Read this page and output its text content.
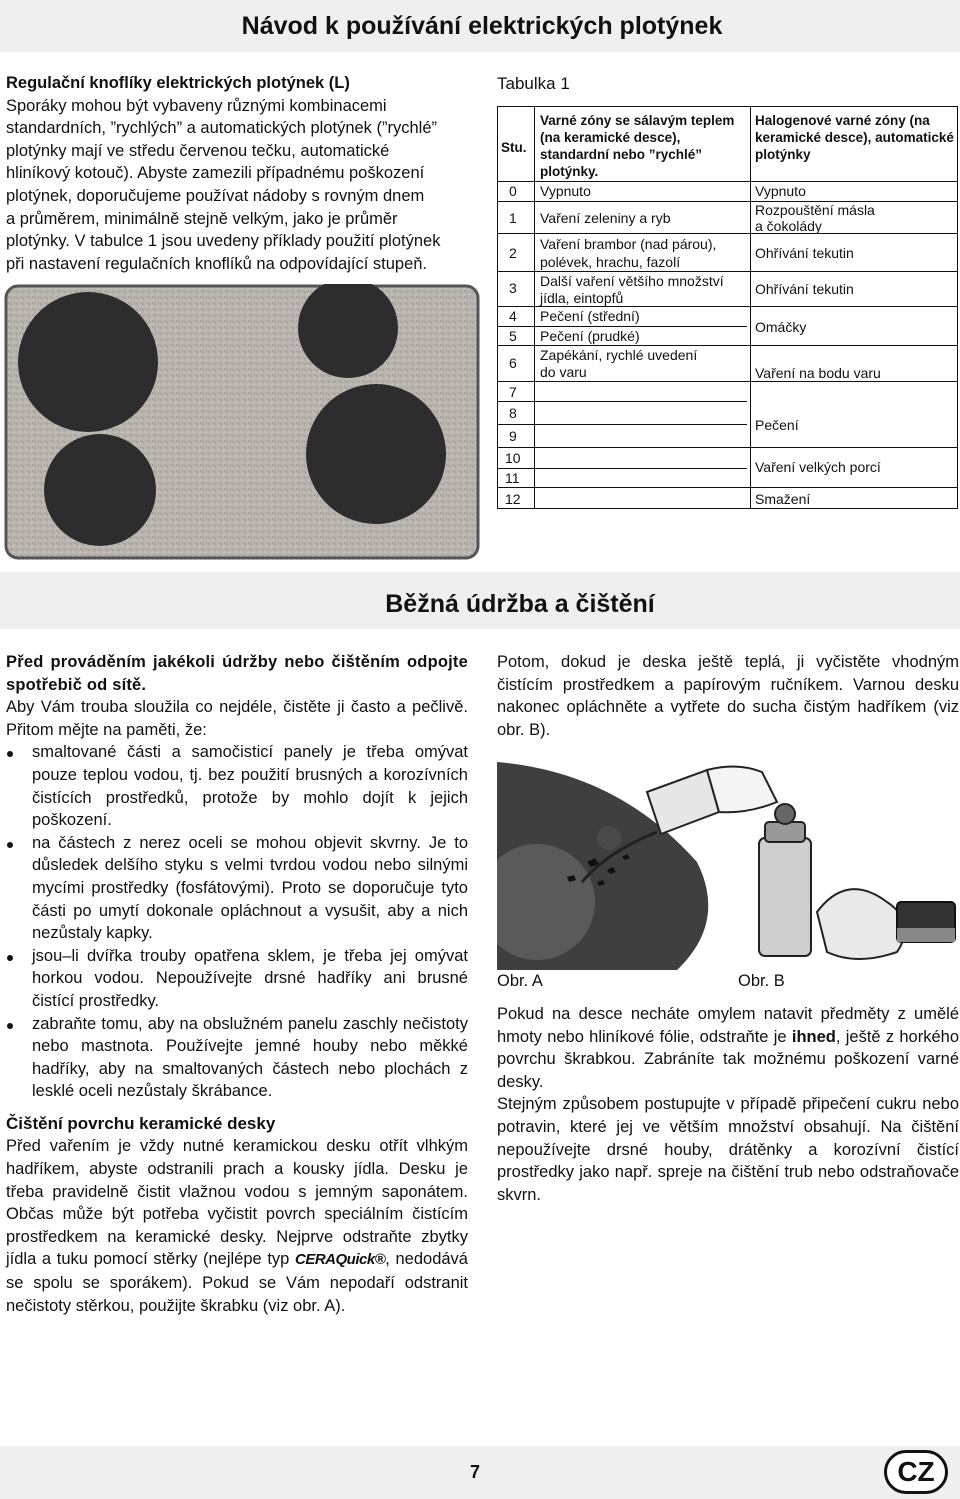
Návod k používání elektrických plotýnek
Regulační knoflíky elektrických plotýnek (L)
Sporáky mohou být vybaveny různými kombinacemi
standardních, ”rychlých” a automatických plotýnek (”rychlé”
plotýnky mají ve středu červenou tečku, automatické
hliníkový kotouč). Abyste zamezili případnému poškození
plotýnek, doporučujeme používat nádoby s rovným dnem
a průměrem, minimálně stejně velkým, jako je průměr
plotýnky. V tabulce 1 jsou uvedeny příklady použití plotýnek
při nastavení regulačních knoflíků na odpovídající stupeň.
Tabulka 1
Stu.
Varné zóny se sálavým teplem (na keramické desce), standardní nebo ”rychlé” plotýnky.
Halogenové varné zóny (na keramické desce), automatické plotýnky
0
1
2
3
4
5
6
7
8
9
10
11
12
Vypnuto
Vaření zeleniny a ryb
Vaření brambor (nad párou),
polévek, hrachu, fazolí
Další vaření většího množství
jídla, eintopfů
Pečení (střední)
Pečení (prudké)
Zapékání, rychlé uvedení
do varu
Vypnuto
Rozpouštění másla
a čokolády
Ohřívání tekutin
Ohřívání tekutin
Omáčky
Vaření na bodu varu
Pečení
Vaření velkých porcí
Smažení
Běžná údržba a čištění
Před prováděním jakékoli údržby nebo čištěním odpojte spotřebič od sítě.
Aby Vám trouba sloužila co nejdéle, čistěte ji často a pečlivě. Přitom mějte na paměti, že:
smaltované části a samočisticí panely je třeba omývat pouze teplou vodou, tj. bez použití brusných a korozívních čistících prostředků, protože by mohlo dojít k jejich poškození.
na částech z nerez oceli se mohou objevit skvrny. Je to důsledek delšího styku s velmi tvrdou vodou nebo silnými mycími prostředky (fosfátovými). Proto se doporučuje tyto části po umytí dokonale opláchnout a vysušit, aby a nich nezůstaly kapky.
jsou–li dvířka trouby opatřena sklem, je třeba jej omývat horkou vodou. Nepoužívejte drsné hadříky ani brusné čistící prostředky.
zabraňte tomu, aby na obslužném panelu zaschly nečistoty nebo mastnota. Používejte jemné houby nebo měkké hadříky, aby na smaltovaných částech nebo plochách z lesklé oceli nezůstaly škrábance.
Čištění povrchu keramické desky
Před vařením je vždy nutné keramickou desku otřít vlhkým hadříkem, abyste odstranili prach a kousky jídla. Desku je třeba pravidelně čistit vlažnou vodou s jemným saponátem. Občas může být potřeba vyčistit povrch speciálním čistícím prostředkem na keramické desky. Nejprve odstraňte zbytky jídla a tuku pomocí stěrky (nejlépe typ CERAQuick®, nedodává se spolu se sporákem). Pokud se Vám nepodaří odstranit nečistoty stěrkou, použijte škrabku (viz obr. A).
Potom, dokud je deska ještě teplá, ji vyčistěte vhodným čistícím prostředkem a papírovým ručníkem. Varnou desku nakonec opláchněte a vytřete do sucha čistým hadříkem (viz obr. B).
Obr. A	Obr. B
Pokud na desce necháte omylem natavit předměty z umělé hmoty nebo hliníkové fólie, odstraňte je ihned, ještě z horkého povrchu škrabkou. Zabráníte tak možnému poškození varné desky.
Stejným způsobem postupujte v případě připečení cukru nebo potravin, které jej ve větším množství obsahují. Na čištění nepoužívejte drsné houby, drátěnky a korozívní čistící prostředky jako např. spreje na čištění trub nebo odstraňovače skvrn.
7	CZ
